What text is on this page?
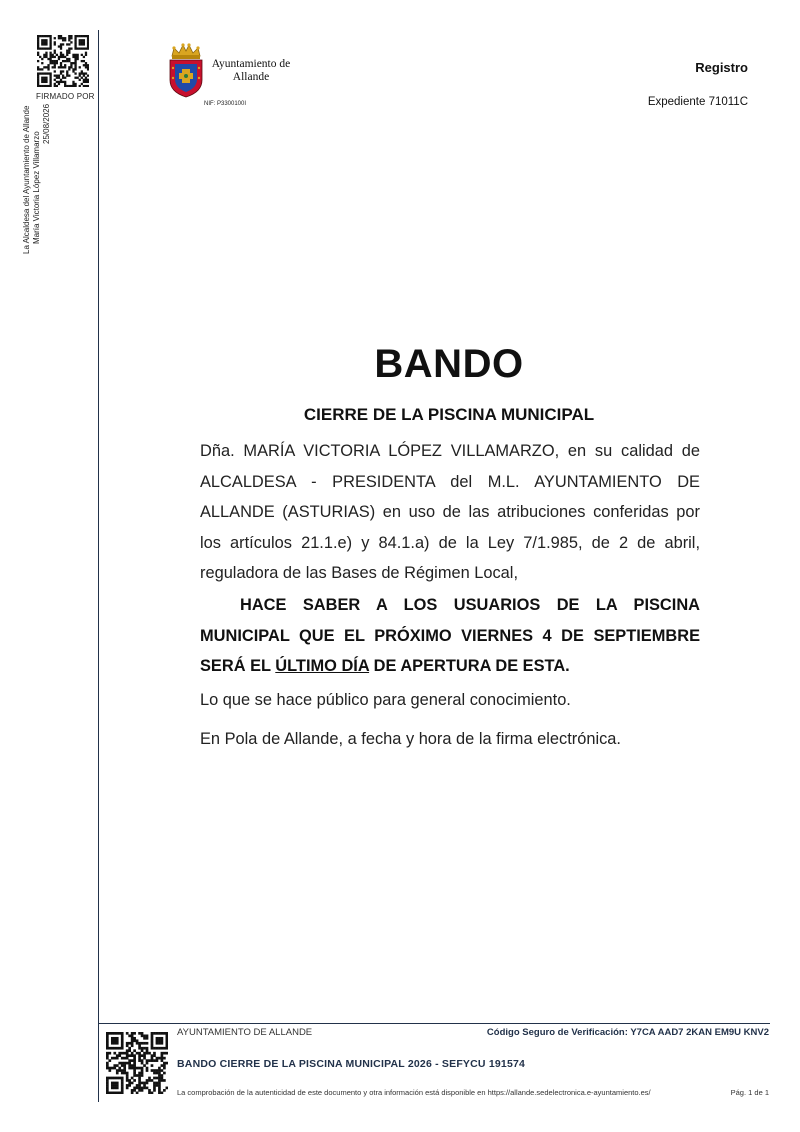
FIRMADO POR
La Alcaldesa del Ayuntamiento de Allande María Victoria López Villamarzo
25/08/2026
Ayuntamiento de
Allande
NIF: P3300100I
Registro
Expediente 71011C
BANDO
CIERRE DE LA PISCINA MUNICIPAL
Dña. MARÍA VICTORIA LÓPEZ VILLAMARZO, en su calidad de ALCALDESA - PRESIDENTA del M.L. AYUNTAMIENTO DE ALLANDE (ASTURIAS) en uso de las atribuciones conferidas por los artículos 21.1.e) y 84.1.a) de la Ley 7/1.985, de 2 de abril, reguladora de las Bases de Régimen Local,
HACE SABER A LOS USUARIOS DE LA PISCINA MUNICIPAL QUE EL PRÓXIMO VIERNES 4 DE SEPTIEMBRE SERÁ EL ÚLTIMO DÍA DE APERTURA DE ESTA.
Lo que se hace público para general conocimiento.
En Pola de Allande, a fecha y hora de la firma electrónica.
AYUNTAMIENTO DE ALLANDE	Código Seguro de Verificación: Y7CA AAD7 2KAN EM9U KNV2
BANDO CIERRE DE LA PISCINA MUNICIPAL 2026 - SEFYCU 191574
La comprobación de la autenticidad de este documento y otra información está disponible en https://allande.sedelectronica.e-ayuntamiento.es/	Pág. 1 de 1
